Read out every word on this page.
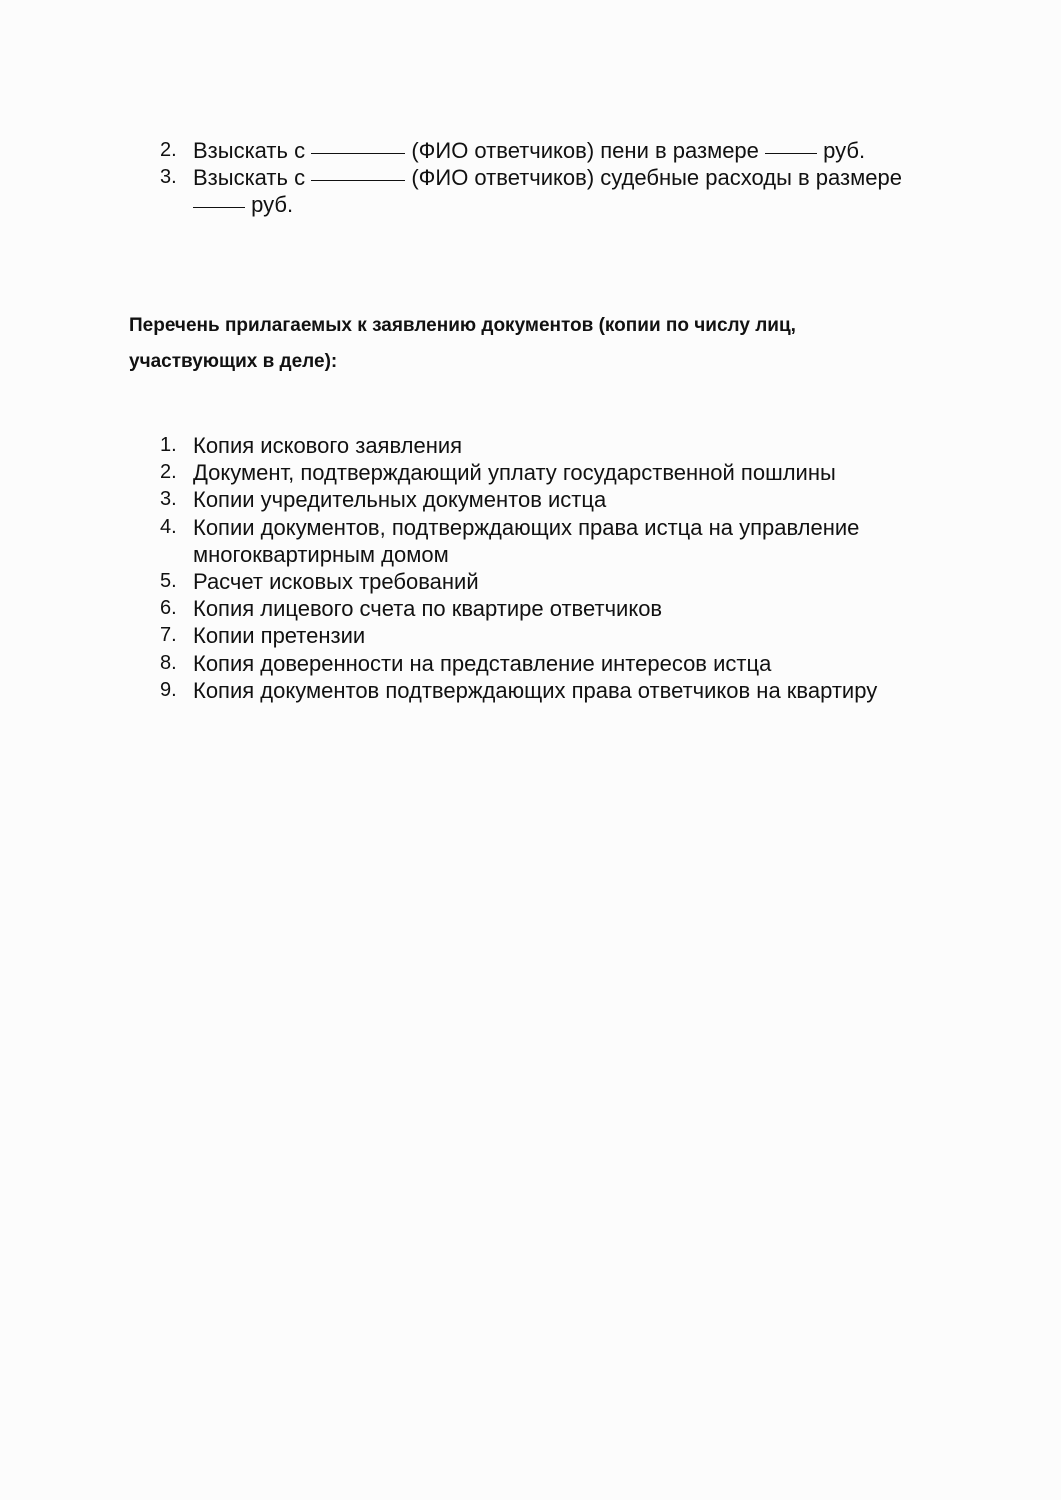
2. Взыскать с	(ФИО ответчиков) пени в размере	руб.
3. Взыскать с	(ФИО ответчиков) судебные расходы в размере  руб.

Перечень прилагаемых к заявлению документов (копии по числу лиц, участвующих в деле):

1. Копия искового заявления
2. Документ, подтверждающий уплату государственной пошлины
3. Копии учредительных документов истца
4. Копии документов, подтверждающих права истца на управление многоквартирным домом
5. Расчет исковых требований
6. Копия лицевого счета по квартире ответчиков
7. Копии претензии
8. Копия доверенности на представление интересов истца
9. Копия документов подтверждающих права ответчиков на квартиру
